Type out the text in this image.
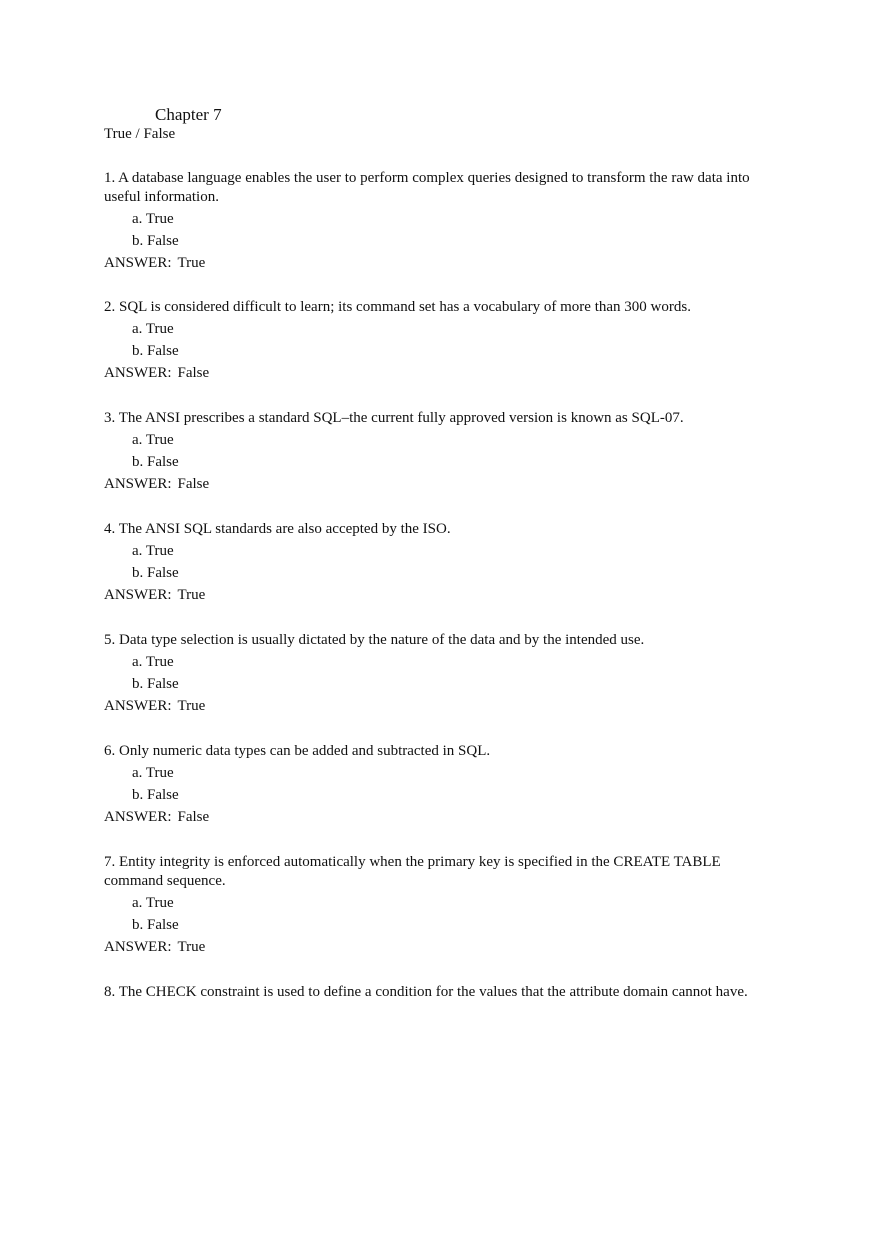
Chapter 7
True / False

1. A database language enables the user to perform complex queries designed to transform the raw data into useful information.

a. True

b. False

ANSWER: True

2. SQL is considered difficult to learn; its command set has a vocabulary of more than 300 words.

a. True

b. False

ANSWER: False

3. The ANSI prescribes a standard SQL–the current fully approved version is known as SQL-07.

a. True

b. False

ANSWER: False

4. The ANSI SQL standards are also accepted by the ISO.

a. True

b. False

ANSWER: True

5. Data type selection is usually dictated by the nature of the data and by the intended use.

a. True

b. False

ANSWER: True

6. Only numeric data types can be added and subtracted in SQL.

a. True

b. False

ANSWER: False

7. Entity integrity is enforced automatically when the primary key is specified in the CREATE TABLE command sequence.

a. True

b. False

ANSWER: True

8. The CHECK constraint is used to define a condition for the values that the attribute domain cannot have.
